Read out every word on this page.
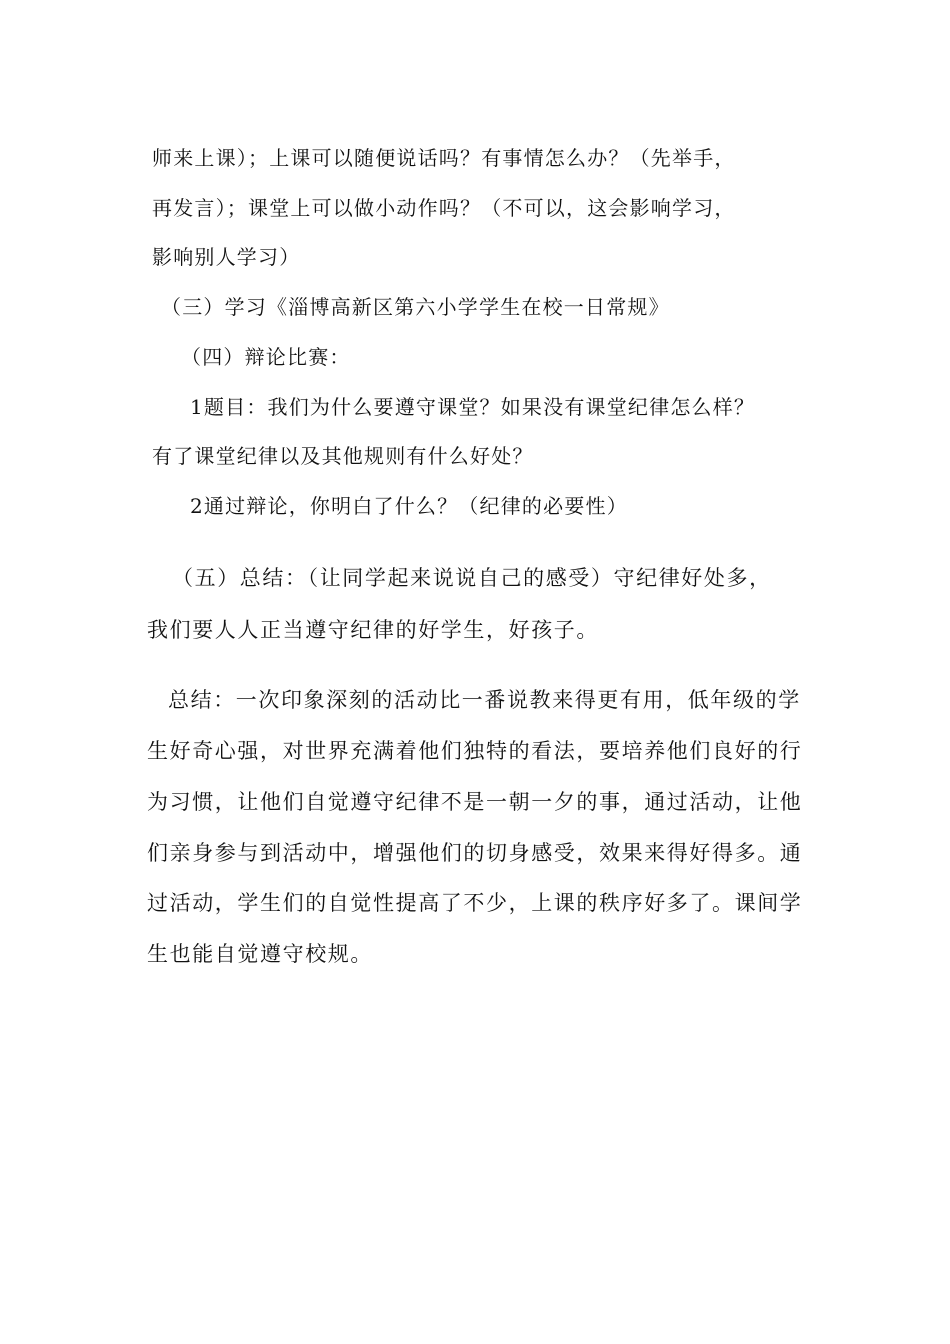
师来上课）；上课可以随便说话吗？有事情怎么办？（先举手，
再发言）；课堂上可以做小动作吗？（不可以，这会影响学习，
影响别人学习）
（三）学习《淄博高新区第六小学学生在校一日常规》
（四）辩论比赛：
1题目：我们为什么要遵守课堂？如果没有课堂纪律怎么样？
有了课堂纪律以及其他规则有什么好处？
2通过辩论，你明白了什么？（纪律的必要性）
（五）总结：（让同学起来说说自己的感受）守纪律好处多，
我们要人人正当遵守纪律的好学生，好孩子。
总结：一次印象深刻的活动比一番说教来得更有用，低年级的学
生好奇心强，对世界充满着他们独特的看法，要培养他们良好的行
为习惯，让他们自觉遵守纪律不是一朝一夕的事，通过活动，让他
们亲身参与到活动中，增强他们的切身感受，效果来得好得多。通
过活动，学生们的自觉性提高了不少，上课的秩序好多了。课间学
生也能自觉遵守校规。
